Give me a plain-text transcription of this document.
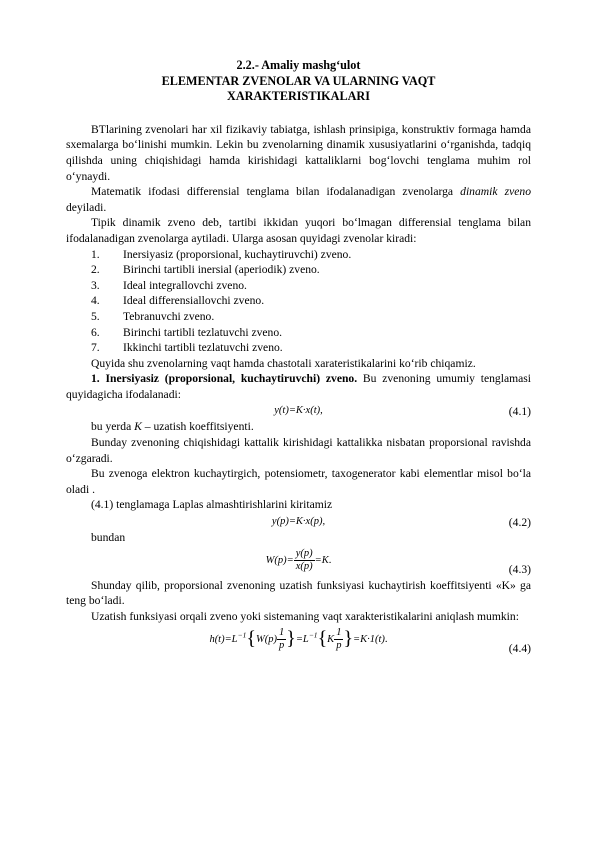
2.2.- Amaliy mashg‘ulot
ELEMENTAR ZVENOLAR VA ULARNING VAQT
XARAKTERISTIKALARI

BTlarining zvenolari har xil fizikaviy tabiatga, ishlash prinsipiga, konstruktiv formaga hamda sxemalarga bo‘linishi mumkin. Lekin bu zvenolarning dinamik xususiyatlarini o‘rganishda, tadqiq qilishda uning chiqishidagi hamda kirishidagi kattaliklarni bog‘lovchi tenglama muhim rol o‘ynaydi.

Matematik ifodasi differensial tenglama bilan ifodalanadigan zvenolarga dinamik zveno deyiladi.

Tipik dinamik zveno deb, tartibi ikkidan yuqori bo‘lmagan differensial tenglama bilan ifodalanadigan zvenolarga aytiladi. Ularga asosan quyidagi zvenolar kiradi:

1.	Inersiyasiz (proporsional, kuchaytiruvchi) zveno.
2.	Birinchi tartibli inersial (aperiodik) zveno.
3.	Ideal integrallovchi zveno.
4.	Ideal differensiallovchi zveno.
5.	Tebranuvchi zveno.
6.	Birinchi tartibli tezlatuvchi zveno.
7.	Ikkinchi tartibli tezlatuvchi zveno.

Quyida shu zvenolarning vaqt hamda chastotali xarateristikalarini ko‘rib chiqamiz.

1. Inersiyasiz (proporsional, kuchaytiruvchi) zveno. Bu zvenoning umumiy tenglamasi quyidagicha ifodalanadi:

y(t)=K·x(t),	(4.1)

bu yerda K – uzatish koeffitsiyenti.

Bunday zvenoning chiqishidagi kattalik kirishidagi kattalikka nisbatan proporsional ravishda o‘zgaradi.

Bu zvenoga elektron kuchaytirgich, potensiometr, taxogenerator kabi elementlar misol bo‘la oladi .

(4.1) tenglamaga Laplas almashtirishlarini kiritamiz

y(p)=K·x(p),	(4.2)

bundan

$W(p)= \frac{y(p)}{x(p)} =K$.
(4.3)

Shunday qilib, proporsional zvenoning uzatish funksiyasi kuchaytirish koeffitsiyenti «K» ga teng bo‘ladi.

Uzatish funksiyasi orqali zveno yoki sistemaning vaqt xarakteristikalarini aniqlash mumkin:

$h(t)=L^{-1}\{W(p) \frac{1}{p} \}=L^{-1}\{K \frac{1}{p} \}=K\cdot 1(t)$.
(4.4)
